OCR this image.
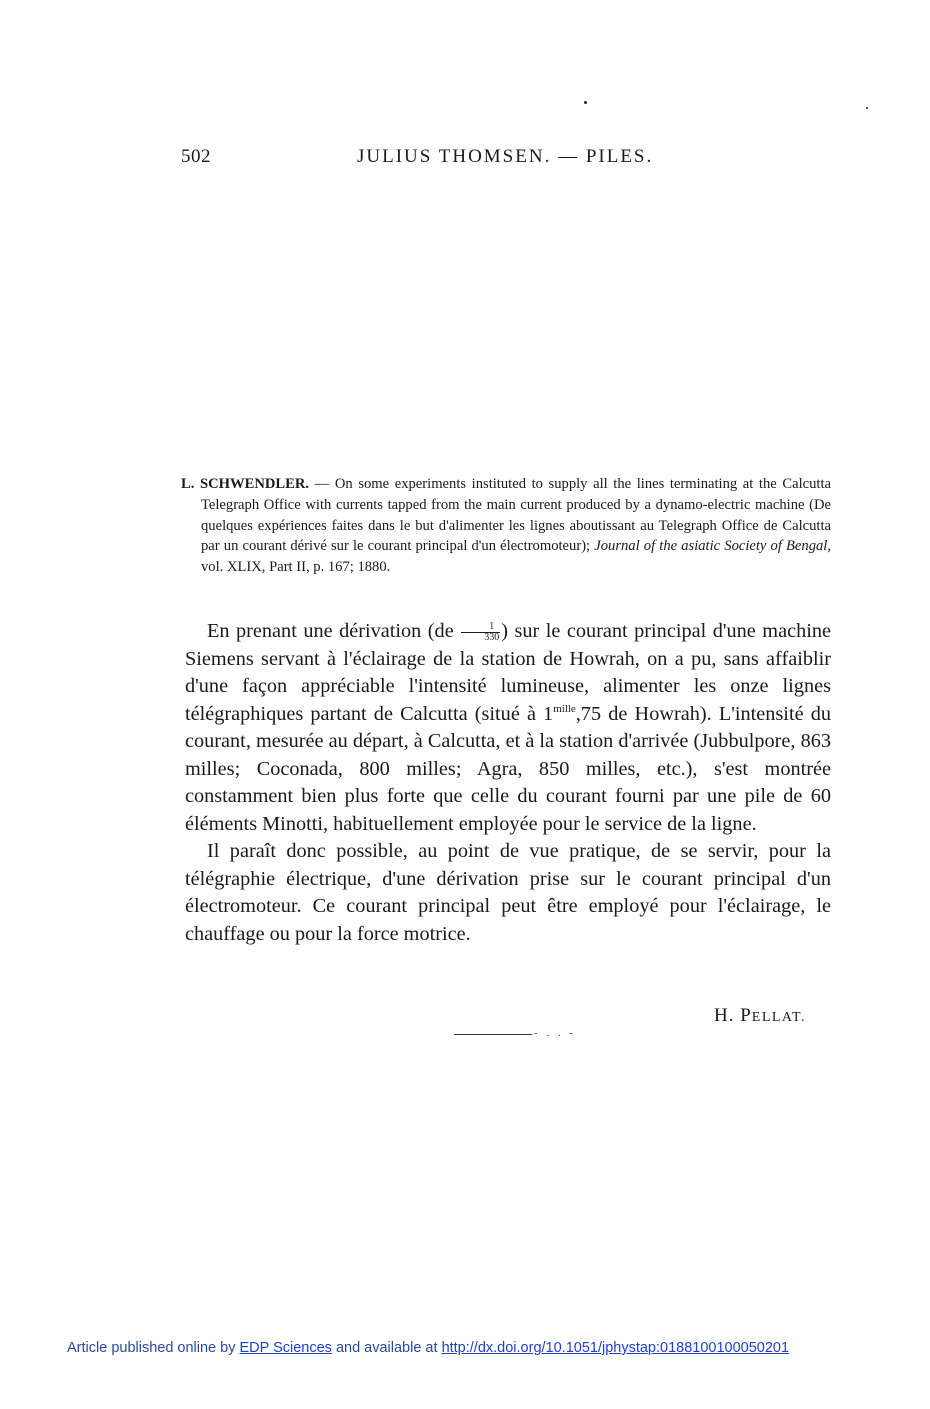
502	JULIUS THOMSEN. — PILES.
L. SCHWENDLER. — On some experiments instituted to supply all the lines terminating at the Calcutta Telegraph Office with currents tapped from the main current produced by a dynamo-electric machine (De quelques expériences faites dans le but d'alimenter les lignes aboutissant au Telegraph Office de Calcutta par un courant dérivé sur le courant principal d'un électromoteur); Journal of the asiatic Society of Bengal, vol. XLIX, Part II, p. 167; 1880.

En prenant une dérivation ($de \frac{1}{330}$ ) sur le courant principal d'une machine Siemens servant à l'éclairage de la station de Howrah, on a pu, sans affaiblir d'une façon appréciable l'intensité lumineuse, alimenter les onze lignes télégraphiques partant de Calcutta (situé à $1^{mille},75$ de Howrah). L'intensité du courant, mesurée au départ, à Calcutta, et à la station d'arrivée (Jubbulpore, 863 milles; Coconada, 800 milles; Agra, 850 milles, etc.), s'est montrée constamment bien plus forte que celle du courant fourni par une pile de 60 éléments Minotti, habituellement employée pour le service de la ligne.

Il paraît donc possible, au point de vue pratique, de se servir, pour la télégraphie électrique, d'une dérivation prise sur le courant principal d'un électromoteur. Ce courant principal peut être employé pour l'éclairage, le chauffage ou pour la force motrice.

H. PELLAT.
- . . -
Article published online by EDP Sciences and available at http://dx.doi.org/10.1051/jphystap:0188100100050201
